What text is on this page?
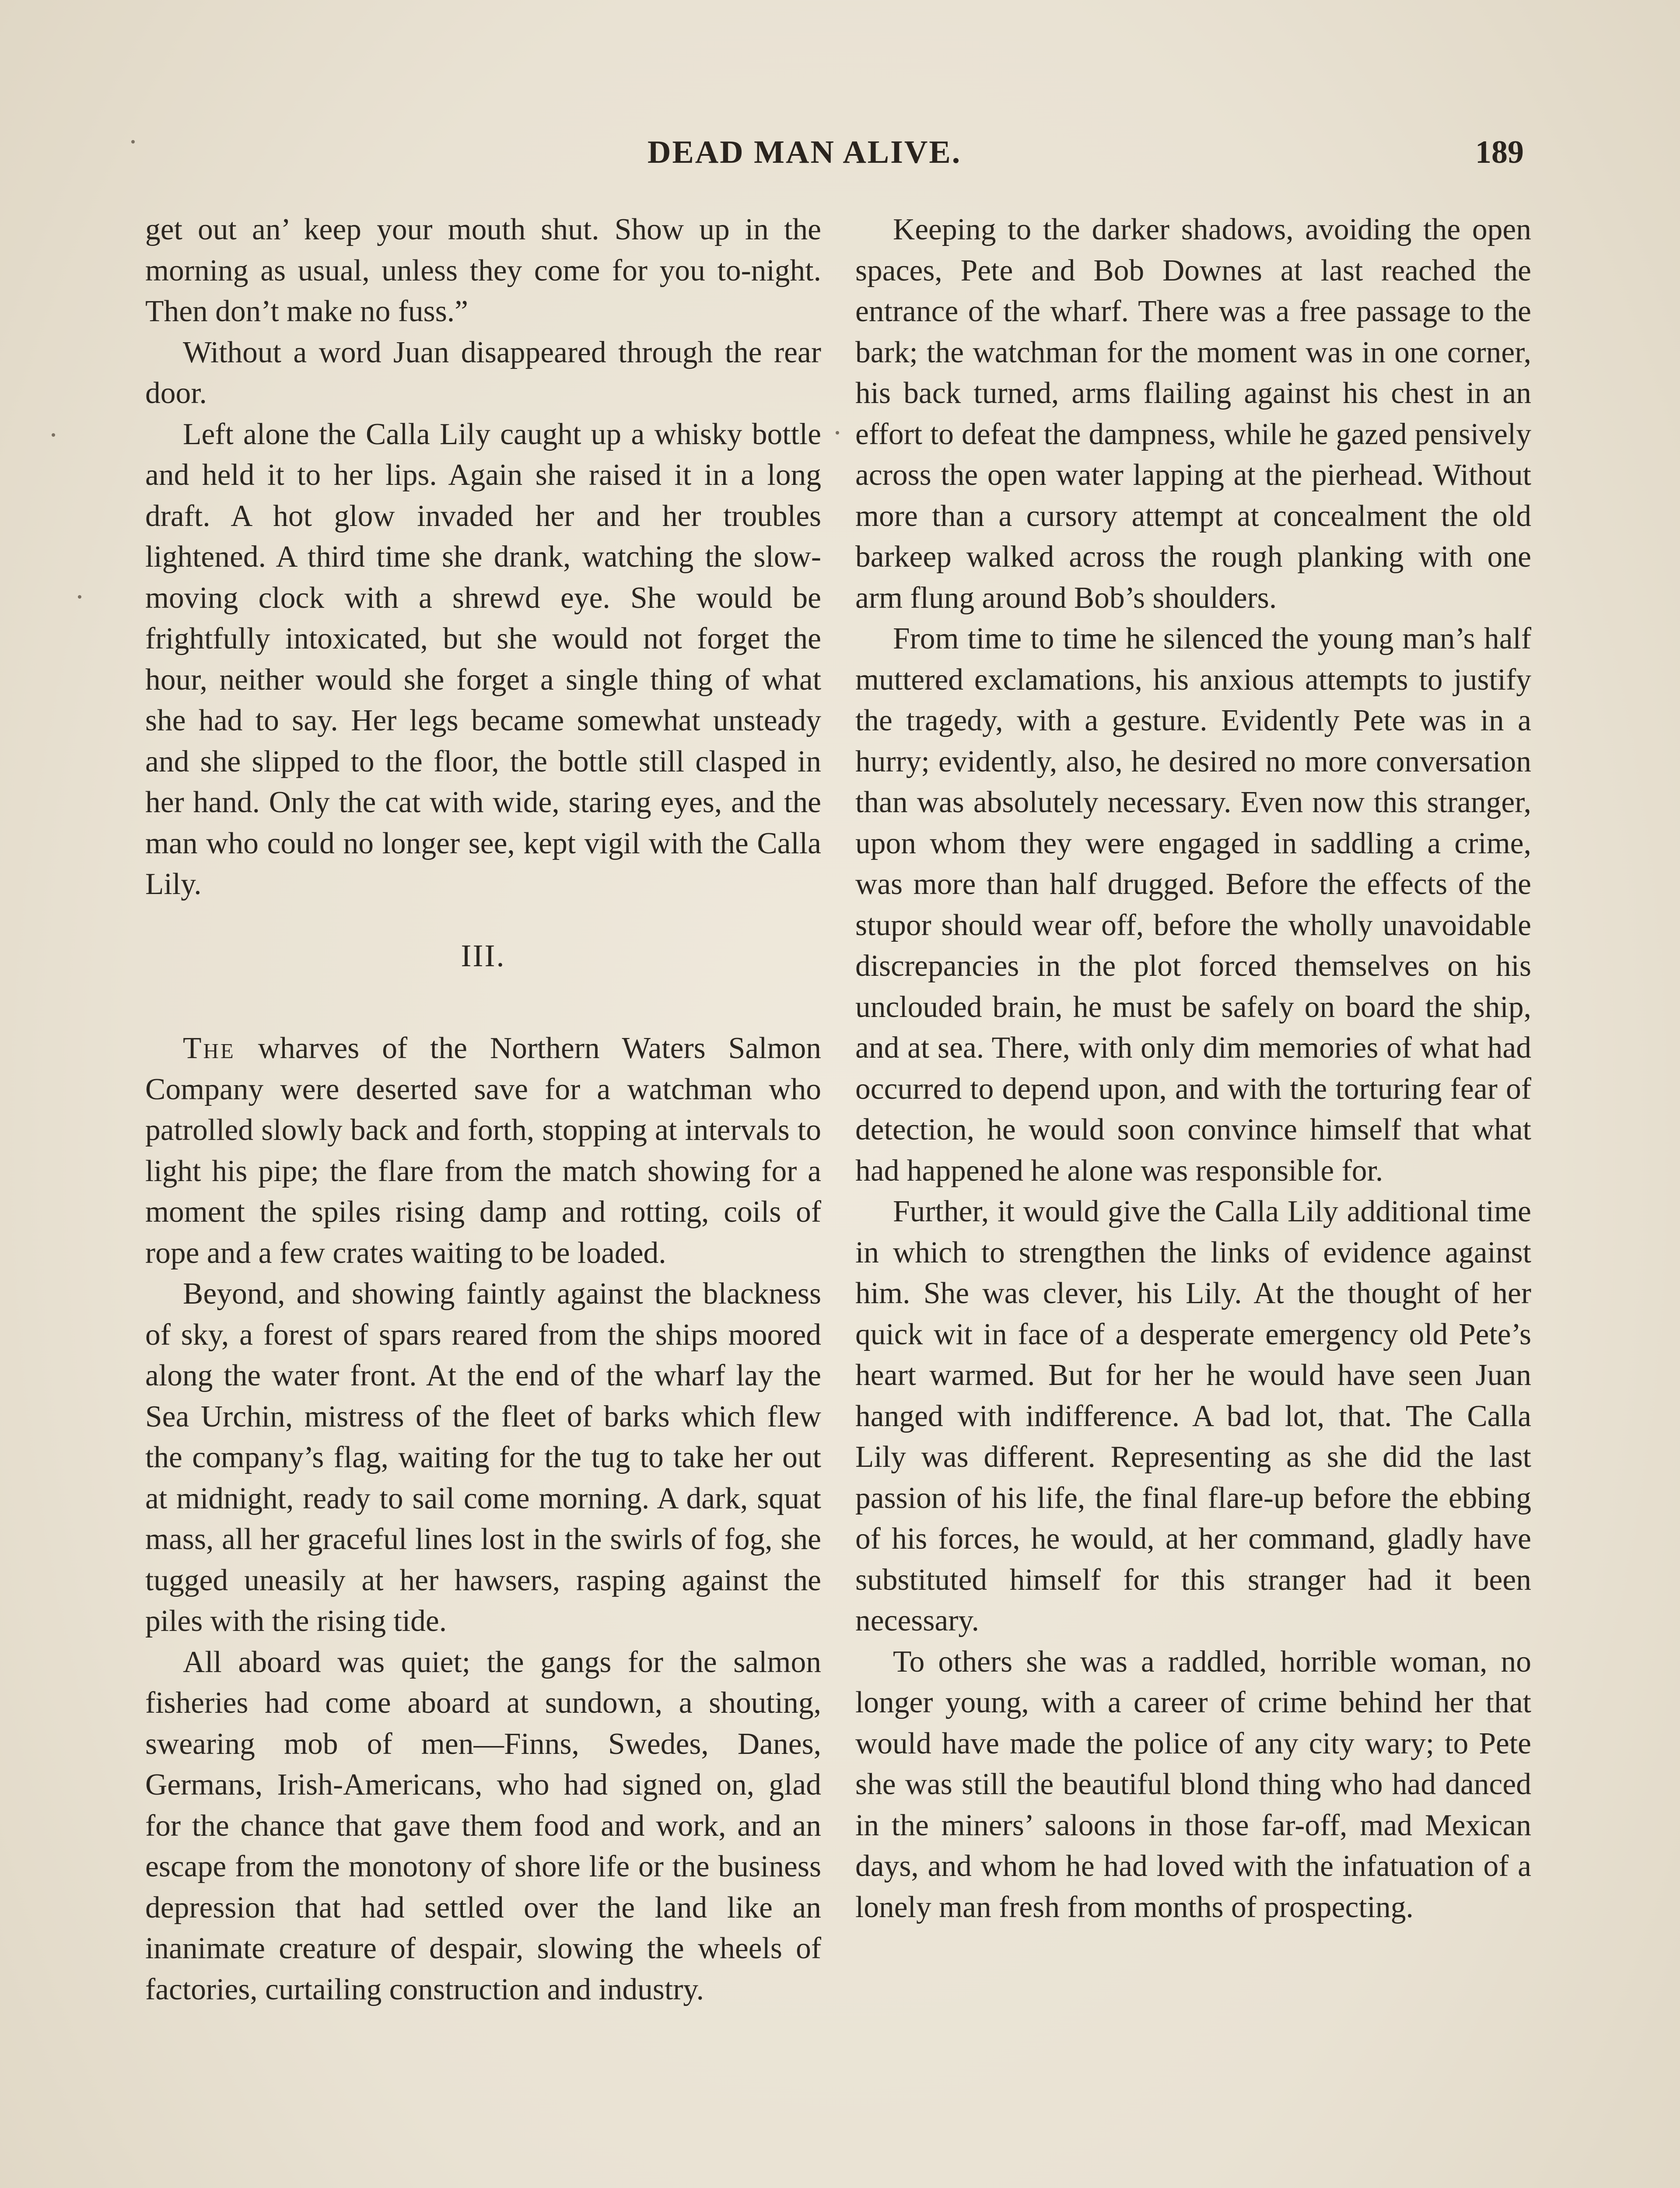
DEAD MAN ALIVE.	189

get out an’ keep your mouth shut. Show up in the morning as usual, unless they come for you to-night. Then don’t make no fuss.”

Without a word Juan disappeared through the rear door.

Left alone the Calla Lily caught up a whisky bottle and held it to her lips. Again she raised it in a long draft. A hot glow invaded her and her troubles lightened. A third time she drank, watching the slow-moving clock with a shrewd eye. She would be frightfully intoxicated, but she would not forget the hour, neither would she forget a single thing of what she had to say. Her legs became somewhat unsteady and she slipped to the floor, the bottle still clasped in her hand. Only the cat with wide, staring eyes, and the man who could no longer see, kept vigil with the Calla Lily.

III.

The wharves of the Northern Waters Salmon Company were deserted save for a watchman who patrolled slowly back and forth, stopping at intervals to light his pipe; the flare from the match showing for a moment the spiles rising damp and rotting, coils of rope and a few crates waiting to be loaded.

Beyond, and showing faintly against the blackness of sky, a forest of spars reared from the ships moored along the water front. At the end of the wharf lay the Sea Urchin, mistress of the fleet of barks which flew the company’s flag, waiting for the tug to take her out at midnight, ready to sail come morning. A dark, squat mass, all her graceful lines lost in the swirls of fog, she tugged uneasily at her hawsers, rasping against the piles with the rising tide.

All aboard was quiet; the gangs for the salmon fisheries had come aboard at sundown, a shouting, swearing mob of men—Finns, Swedes, Danes, Germans, Irish-Americans, who had signed on, glad for the chance that gave them food and work, and an escape from the monotony of shore life or the business depression that had settled over the land like an inanimate creature of despair, slowing the wheels of factories, curtailing construction and industry.

Keeping to the darker shadows, avoiding the open spaces, Pete and Bob Downes at last reached the entrance of the wharf. There was a free passage to the bark; the watchman for the moment was in one corner, his back turned, arms flailing against his chest in an effort to defeat the dampness, while he gazed pensively across the open water lapping at the pierhead. Without more than a cursory attempt at concealment the old barkeep walked across the rough planking with one arm flung around Bob’s shoulders.

From time to time he silenced the young man’s half muttered exclamations, his anxious attempts to justify the tragedy, with a gesture. Evidently Pete was in a hurry; evidently, also, he desired no more conversation than was absolutely necessary. Even now this stranger, upon whom they were engaged in saddling a crime, was more than half drugged. Before the effects of the stupor should wear off, before the wholly unavoidable discrepancies in the plot forced themselves on his unclouded brain, he must be safely on board the ship, and at sea. There, with only dim memories of what had occurred to depend upon, and with the torturing fear of detection, he would soon convince himself that what had happened he alone was responsible for.

Further, it would give the Calla Lily additional time in which to strengthen the links of evidence against him. She was clever, his Lily. At the thought of her quick wit in face of a desperate emergency old Pete’s heart warmed. But for her he would have seen Juan hanged with indifference. A bad lot, that. The Calla Lily was different. Representing as she did the last passion of his life, the final flare-up before the ebbing of his forces, he would, at her command, gladly have substituted himself for this stranger had it been necessary.

To others she was a raddled, horrible woman, no longer young, with a career of crime behind her that would have made the police of any city wary; to Pete she was still the beautiful blond thing who had danced in the miners’ saloons in those far-off, mad Mexican days, and whom he had loved with the infatuation of a lonely man fresh from months of prospecting.
